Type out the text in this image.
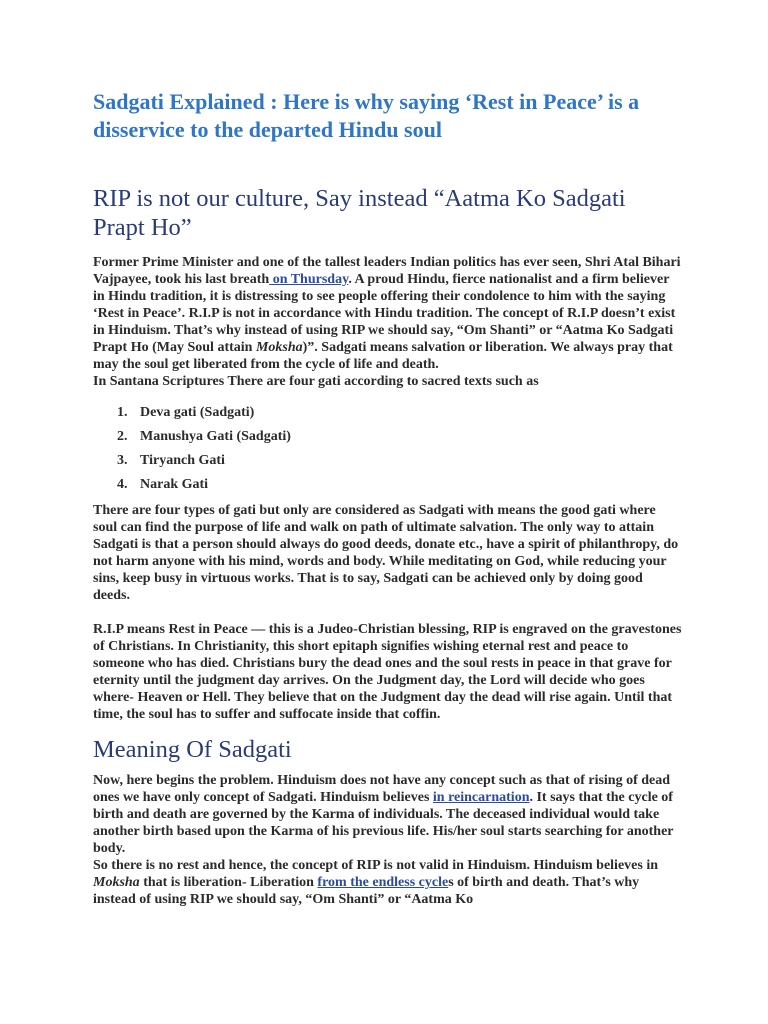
Sadgati Explained : Here is why saying ‘Rest in Peace’ is a disservice to the departed Hindu soul
RIP is not our culture, Say instead “Aatma Ko Sadgati Prapt Ho”

Former Prime Minister and one of the tallest leaders Indian politics has ever seen, Shri Atal Bihari Vajpayee, took his last breath on Thursday. A proud Hindu, fierce nationalist and a firm believer in Hindu tradition, it is distressing to see people offering their condolence to him with the saying ‘Rest in Peace’. R.I.P is not in accordance with Hindu tradition. The concept of R.I.P doesn’t exist in Hinduism. That’s why instead of using RIP we should say, “Om Shanti” or “Aatma Ko Sadgati Prapt Ho (May Soul attain Moksha)”. Sadgati means salvation or liberation. We always pray that may the soul get liberated from the cycle of life and death.
In Santana Scriptures There are four gati according to sacred texts such as

1. Deva gati (Sadgati)
2. Manushya Gati (Sadgati)
3. Tiryanch Gati
4. Narak Gati

There are four types of gati but only are considered as Sadgati with means the good gati where soul can find the purpose of life and walk on path of ultimate salvation. The only way to attain Sadgati is that a person should always do good deeds, donate etc., have a spirit of philanthropy, do not harm anyone with his mind, words and body. While meditating on God, while reducing your sins, keep busy in virtuous works. That is to say, Sadgati can be achieved only by doing good deeds.

R.I.P means Rest in Peace — this is a Judeo-Christian blessing, RIP is engraved on the gravestones of Christians. In Christianity, this short epitaph signifies wishing eternal rest and peace to someone who has died. Christians bury the dead ones and the soul rests in peace in that grave for eternity until the judgment day arrives. On the Judgment day, the Lord will decide who goes where- Heaven or Hell. They believe that on the Judgment day the dead will rise again. Until that time, the soul has to suffer and suffocate inside that coffin.

Meaning Of Sadgati

Now, here begins the problem. Hinduism does not have any concept such as that of rising of dead ones we have only concept of Sadgati. Hinduism believes in reincarnation. It says that the cycle of birth and death are governed by the Karma of individuals. The deceased individual would take another birth based upon the Karma of his previous life. His/her soul starts searching for another body.
So there is no rest and hence, the concept of RIP is not valid in Hinduism. Hinduism believes in Moksha that is liberation- Liberation from the endless cycles of birth and death. That’s why instead of using RIP we should say, “Om Shanti” or “Aatma Ko
